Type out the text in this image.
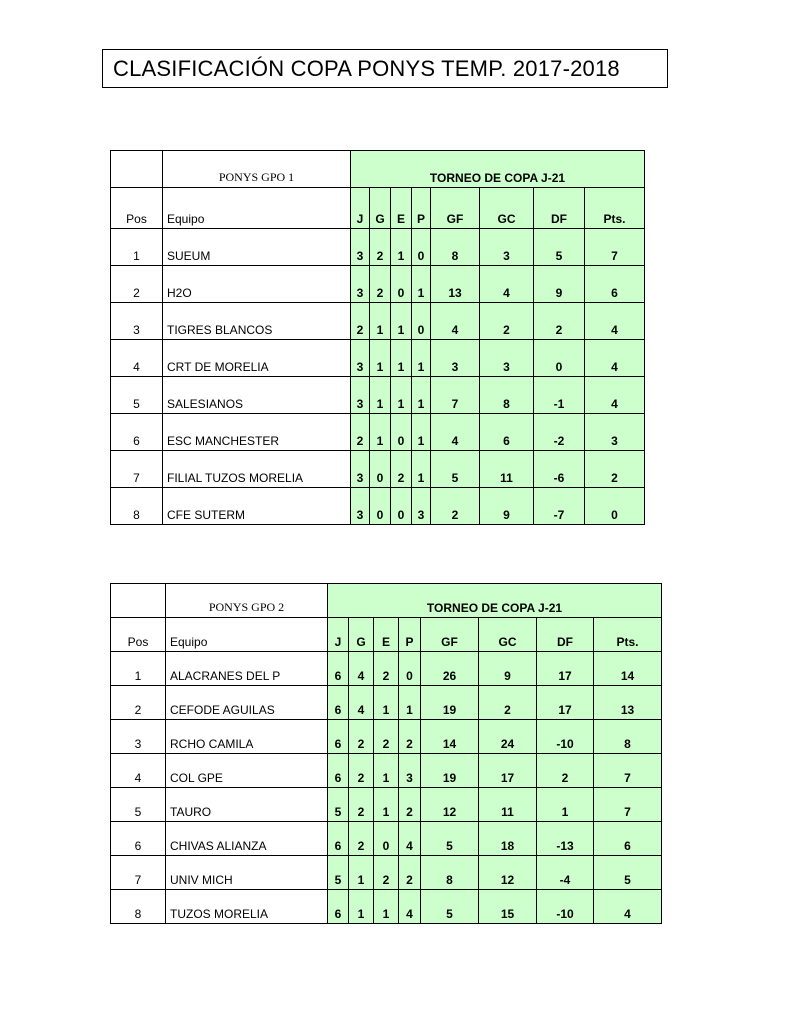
CLASIFICACIÓN COPA PONYS TEMP. 2017-2018
	PONYS GPO 1	TORNEO DE COPA J-21							
Pos	Equipo	J	G	E	P	GF	GC	DF	Pts.
1	SUEUM	3	2	1	0	8	3	5	7
2	H2O	3	2	0	1	13	4	9	6
3	TIGRES BLANCOS	2	1	1	0	4	2	2	4
4	CRT DE MORELIA	3	1	1	1	3	3	0	4
5	SALESIANOS	3	1	1	1	7	8	-1	4
6	ESC MANCHESTER	2	1	0	1	4	6	-2	3
7	FILIAL TUZOS MORELIA	3	0	2	1	5	11	-6	2
8	CFE SUTERM	3	0	0	3	2	9	-7	0
	PONYS GPO 2	TORNEO DE COPA J-21							
Pos	Equipo	J	G	E	P	GF	GC	DF	Pts.
1	ALACRANES DEL P	6	4	2	0	26	9	17	14
2	CEFODE AGUILAS	6	4	1	1	19	2	17	13
3	RCHO CAMILA	6	2	2	2	14	24	-10	8
4	COL GPE	6	2	1	3	19	17	2	7
5	TAURO	5	2	1	2	12	11	1	7
6	CHIVAS ALIANZA	6	2	0	4	5	18	-13	6
7	UNIV MICH	5	1	2	2	8	12	-4	5
8	TUZOS MORELIA	6	1	1	4	5	15	-10	4
